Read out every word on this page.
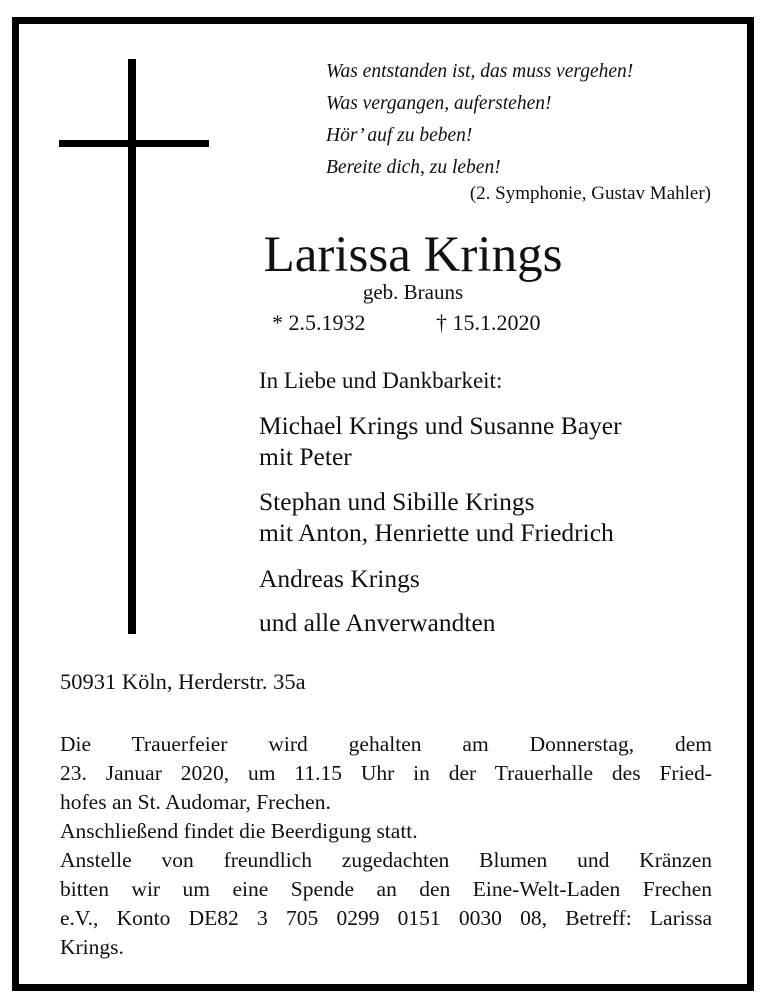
Was entstanden ist, das muss vergehen!
Was vergangen, auferstehen!
Hör’ auf zu beben!
Bereite dich, zu leben!
(2. Symphonie, Gustav Mahler)
Larissa Krings
geb. Brauns
* 2.5.1932	† 15.1.2020
In Liebe und Dankbarkeit:
Michael Krings und Susanne Bayer
mit Peter
Stephan und Sibille Krings
mit Anton, Henriette und Friedrich
Andreas Krings
und alle Anverwandten
50931 Köln, Herderstr. 35a
Die Trauerfeier wird gehalten am Donnerstag, dem
23. Januar 2020, um 11.15 Uhr in der Trauerhalle des Fried-
hofes an St. Audomar, Frechen.
Anschließend findet die Beerdigung statt.
Anstelle von freundlich zugedachten Blumen und Kränzen
bitten wir um eine Spende an den Eine-Welt-Laden Frechen
e.V., Konto DE82 3 705 0299 0151 0030 08, Betreff: Larissa
Krings.
